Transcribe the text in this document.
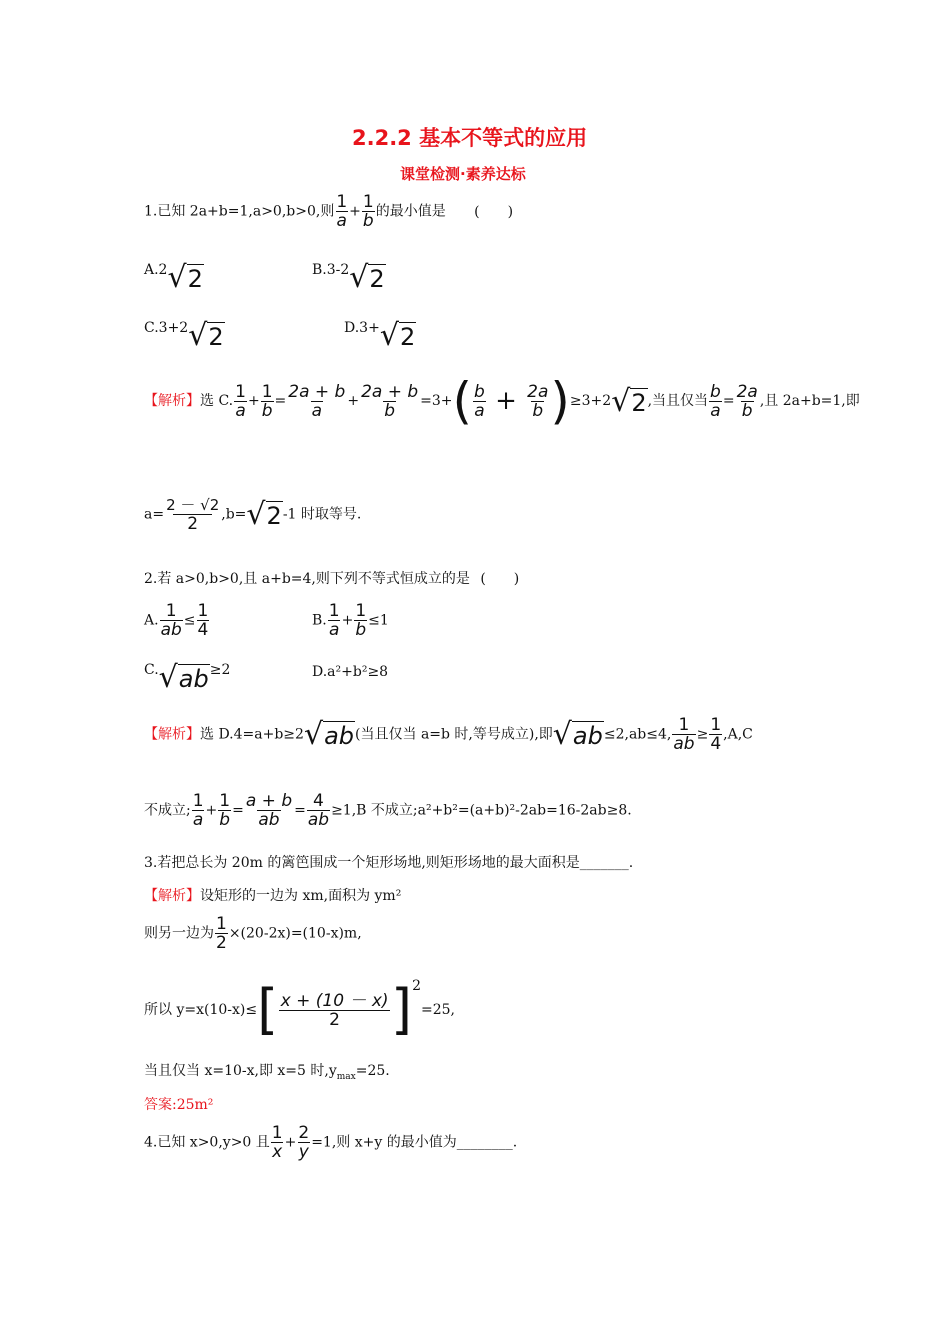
2.2.2 基本不等式的应用
课堂检测·素养达标
1.已知 2a+b=1,a>0,b>0,则 $\frac{1}{a} + \frac{1}{b}$ 的最小值是 (　　)
A.2 √ 2	B.3-2 √ 2
C.3+2 √ 2	D.3+ √ 2
【解析】选 C. $\frac{1}{a} + \frac{1}{b} = \frac{2a + b}{a} + \frac{2a + b}{b} =3+( \frac{b}{a} + \frac{2a}{b} )\ge 3+2$ √ 2 ,当且仅当 $\frac{b}{a} = \frac{2a}{b}$ ,且 2a+b=1,即
$a= \frac{2 - √2}{2} ,b=$ √ 2 -1 时取等号.
2.若 a>0,b>0,且 a+b=4,则下列不等式恒成立的是 (　　)
A. $\frac{1}{ab} \le \frac{1}{4}$	B. $\frac{1}{a} + \frac{1}{b} \le 1$
C. √ ab ≥2	D.a²+b²≥8
【解析】选 D.4=a+b≥2 √ ab (当且仅当 a=b 时,等号成立),即 √ ab ≤2,ab≤4, $\frac{1}{ab} \ge \frac{1}{4} ,A,C$
不成立; $\frac{1}{a} + \frac{1}{b} = \frac{a + b}{ab} = \frac{4}{ab} \ge 1,B$ 不成立;a²+b²=(a+b)²-2ab=16-2ab≥8.
3.若把总长为 20m 的篱笆围成一个矩形场地,则矩形场地的最大面积是_______.
【解析】设矩形的一边为 xm,面积为 ym²
则另一边为 $\frac{1}{2} \times(20-2x)=(10-x)m$,
所以 $y=x(10-x)\le[ \frac{x + (10 - x)}{2} ]^2=25$,
当且仅当 x=10-x,即 x=5 时$,y_{max}=25$.
答案:25m²
4.已知 x>0,y>0 且 $\frac{1}{x} + \frac{2}{y} =1$,则 x+y 的最小值为________.
